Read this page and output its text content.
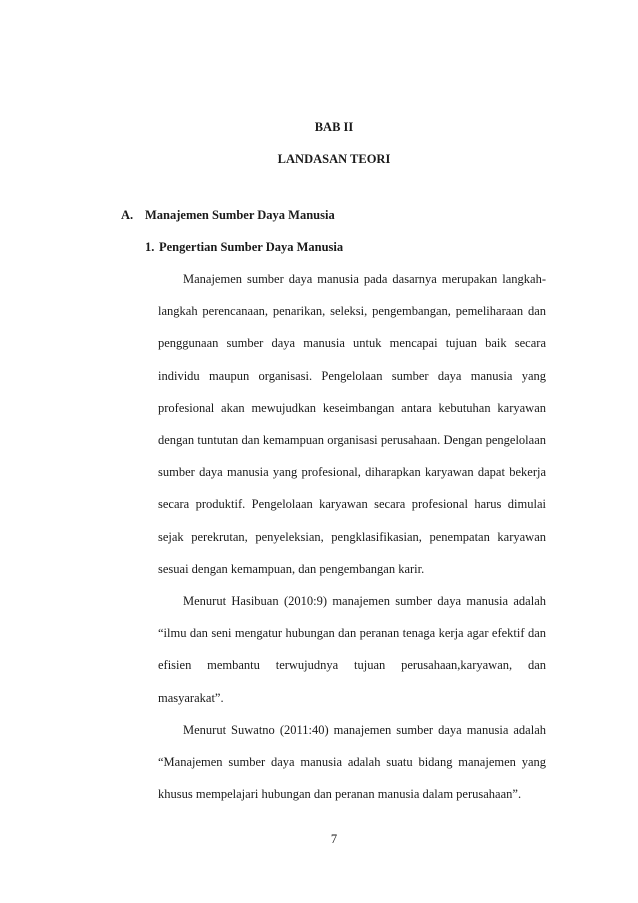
BAB II
LANDASAN TEORI
A. Manajemen Sumber Daya Manusia
1. Pengertian Sumber Daya Manusia

Manajemen sumber daya manusia pada dasarnya merupakan langkah-langkah perencanaan, penarikan, seleksi, pengembangan, pemeliharaan dan penggunaan sumber daya manusia untuk mencapai tujuan baik secara individu maupun organisasi. Pengelolaan sumber daya manusia yang profesional akan mewujudkan keseimbangan antara kebutuhan karyawan dengan tuntutan dan kemampuan organisasi perusahaan. Dengan pengelolaan sumber daya manusia yang profesional, diharapkan karyawan dapat bekerja secara produktif. Pengelolaan karyawan secara profesional harus dimulai sejak perekrutan, penyeleksian, pengklasifikasian, penempatan karyawan sesuai dengan kemampuan, dan pengembangan karir.

Menurut Hasibuan (2010:9) manajemen sumber daya manusia adalah “ilmu dan seni mengatur hubungan dan peranan tenaga kerja agar efektif dan efisien membantu terwujudnya tujuan perusahaan,karyawan, dan masyarakat”.

Menurut Suwatno (2011:40) manajemen sumber daya manusia adalah “Manajemen sumber daya manusia adalah suatu bidang manajemen yang khusus mempelajari hubungan dan peranan manusia dalam perusahaan”.

7
